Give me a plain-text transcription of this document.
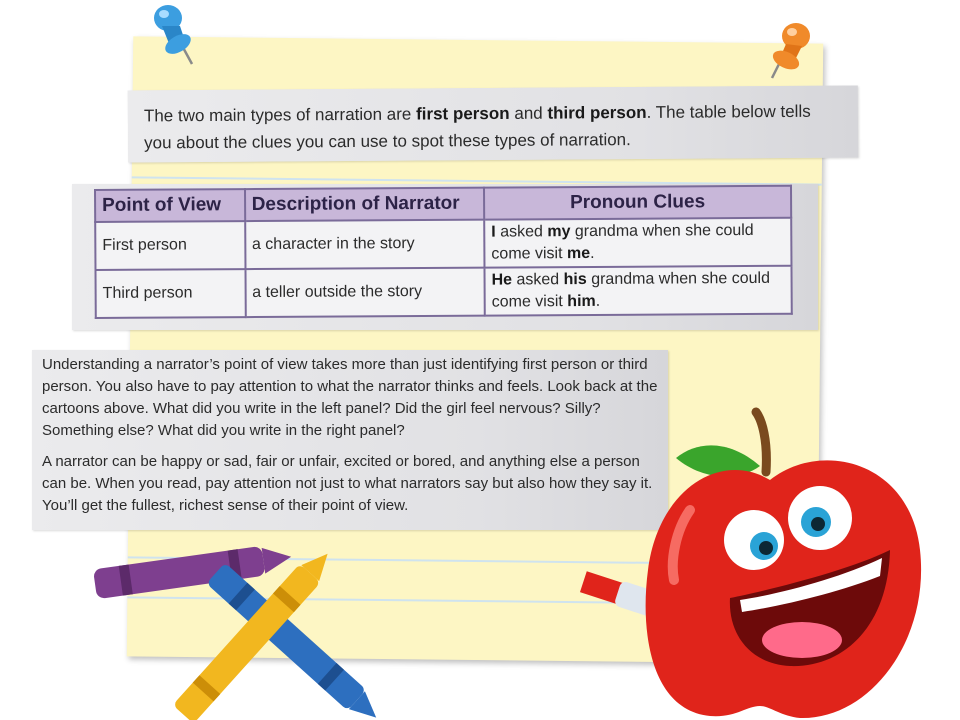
The two main types of narration are first person and third person. The table below tells you about the clues you can use to spot these types of narration.
Point of View	Description of Narrator	Pronoun Clues
First person	a character in the story	I asked my grandma when she could come visit me.
Third person	a teller outside the story	He asked his grandma when she could come visit him.

Understanding a narrator’s point of view takes more than just identifying first person or third person. You also have to pay attention to what the narrator thinks and feels. Look back at the cartoons above. What did you write in the left panel? Did the girl feel nervous? Silly? Something else? What did you write in the right panel?

A narrator can be happy or sad, fair or unfair, excited or bored, and anything else a person can be. When you read, pay attention not just to what narrators say but also how they say it. You’ll get the fullest, richest sense of their point of view.
